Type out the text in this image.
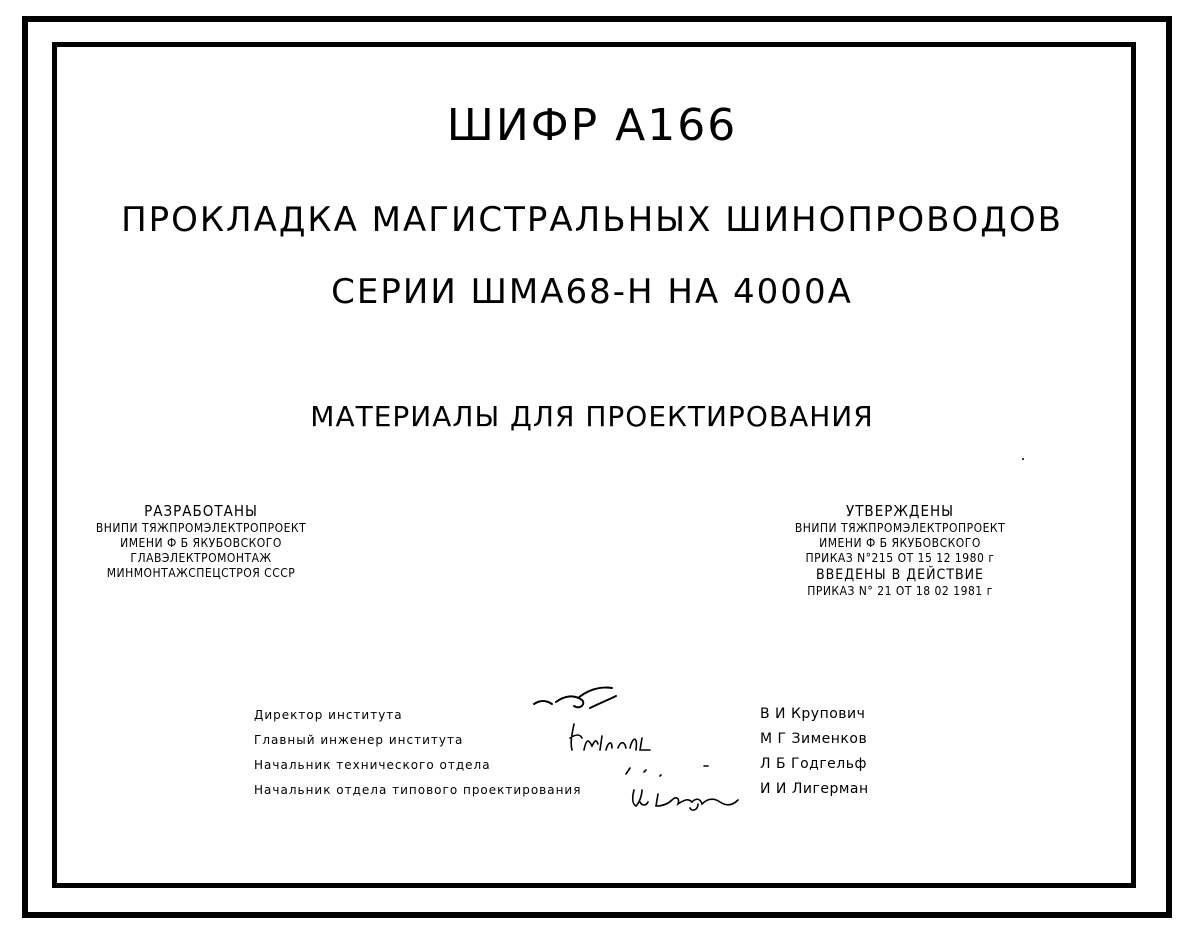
ШИФР А166
ПРОКЛАДКА МАГИСТРАЛЬНЫХ ШИНОПРОВОДОВ
СЕРИИ ШМА68-Н НА 4000А
МАТЕРИАЛЫ ДЛЯ ПРОЕКТИРОВАНИЯ
РАЗРАБОТАНЫ
ВНИПИ ТЯЖПРОМЭЛЕКТРОПРОЕКТ
ИМЕНИ Ф Б ЯКУБОВСКОГО
ГЛАВЭЛЕКТРОМОНТАЖ
МИНМОНТАЖСПЕЦСТРОЯ СССР
УТВЕРЖДЕНЫ
ВНИПИ ТЯЖПРОМЭЛЕКТРОПРОЕКТ
ИМЕНИ Ф Б ЯКУБОВСКОГО
ПРИКАЗ N°215 ОТ 15 12 1980 г
ВВЕДЕНЫ В ДЕЙСТВИЕ
ПРИКАЗ N° 21 ОТ 18 02 1981 г
Директор института	В И Крупович
Главный инженер института	М Г Зименков
Начальник технического отдела	Л Б Годгельф
Начальник отдела типового проектирования	И И Лигерман
